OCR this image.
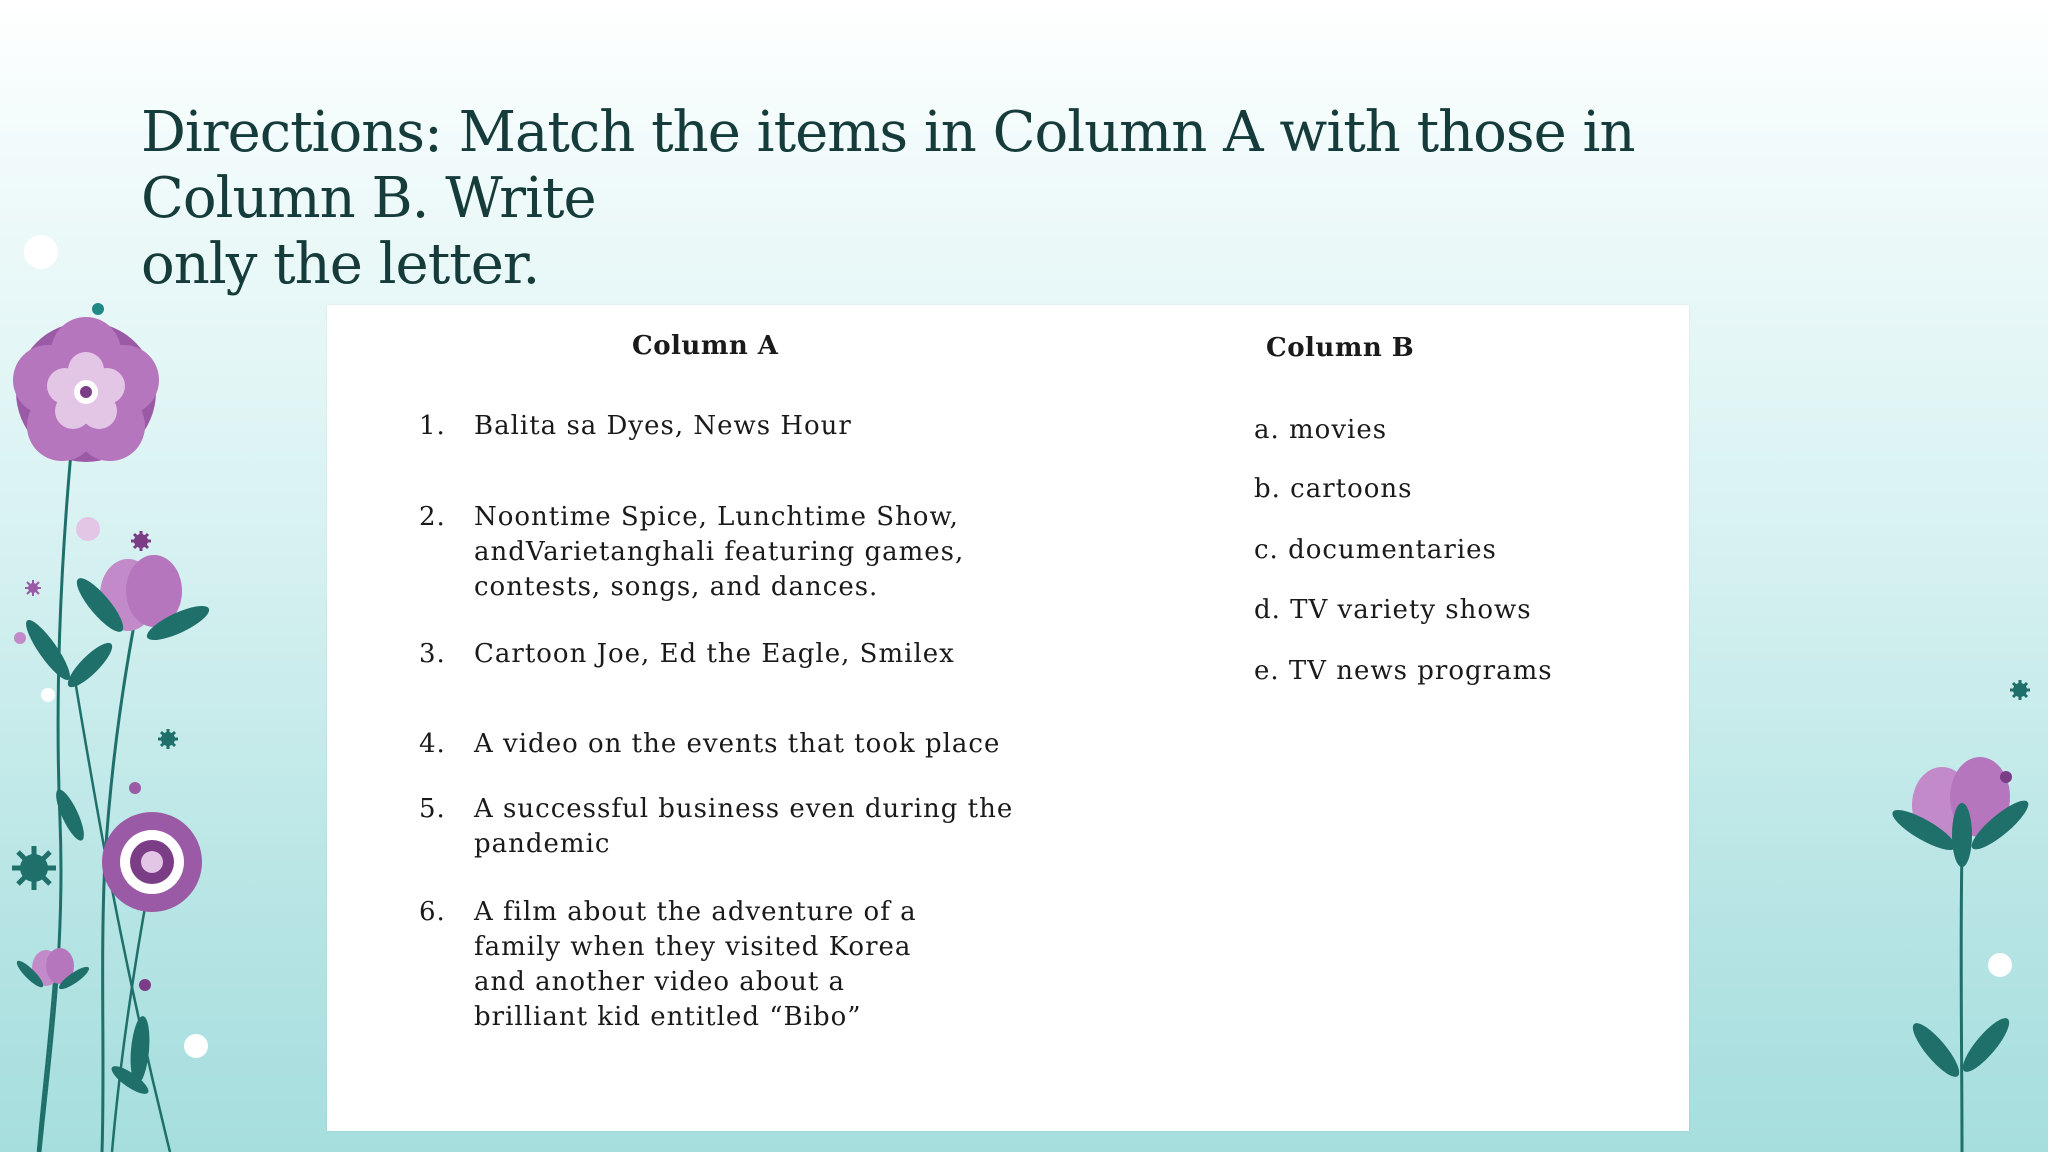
Directions: Match the items in Column A with those in
Column B. Write
only the letter.
Column A	Column B
1.	Balita sa Dyes, News Hour
2.	Noontime Spice, Lunchtime Show,
andVarietanghali featuring games,
contests, songs, and dances.
3.	Cartoon Joe, Ed the Eagle, Smilex
4.	A video on the events that took place
5.	A successful business even during the
pandemic
6.	A film about the adventure of a
family when they visited Korea
and another video about a
brilliant kid entitled “Bibo”
a. movies
b. cartoons
c. documentaries
d. TV variety shows
e. TV news programs
